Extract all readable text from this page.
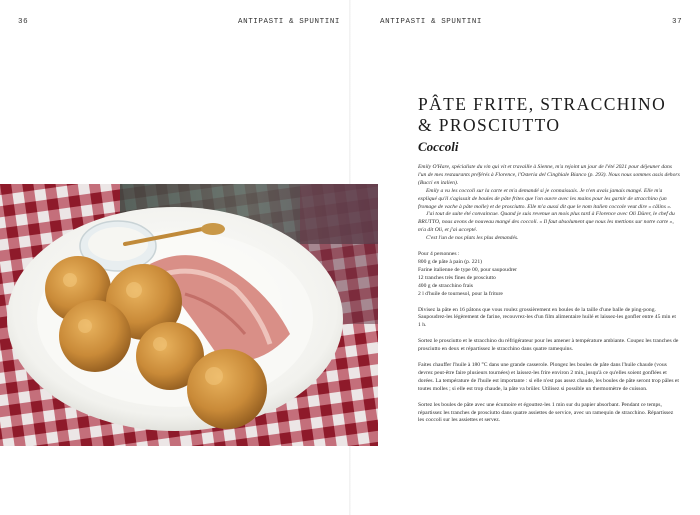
36	ANTIPASTI & SPUNTINI	ANTIPASTI & SPUNTINI	37
PÂTE FRITE, STRACCHINO
& PROSCIUTTO
Coccoli

Emily O'Hare, spécialiste du vin qui vit et travaille à Sienne, m'a rejoint un jour de l'été 2021 pour déjeuner dans l'un de mes restaurants préférés à Florence, l'Osteria del Cinghiale Bianco (p. 293). Nous nous sommes assis dehors (Bucci en italien).

Emily a vu les coccoli sur la carte et m'a demandé si je connaissais. Je n'en avais jamais mangé. Elle m'a expliqué qu'il s'agissait de boules de pâte frites que l'on ouvre avec les mains pour les garnir de stracchino (un fromage de vache à pâte molle) et de prosciutto. Elle m'a aussi dit que le nom italien coccole veut dire « câlins ».

J'ai tout de suite été convaincue. Quand je suis revenue un mois plus tard à Florence avec Oli Dürer, le chef du BRUTTO, nous avons de nouveau mangé des coccoli. « Il faut absolument que nous les mettions sur notre carte », m'a dit Oli, et j'ai accepté.

C'est l'un de nos plats les plus demandés.

Pour 4 personnes :
800 g de pâte à pain (p. 221)
Farine italienne de type 00, pour saupoudrer
12 tranches très fines de prosciutto
400 g de stracchino frais
2 l d'huile de tournesol, pour la friture

Divisez la pâte en 16 pâtons que vous roulez grossièrement en boules de la taille d'une balle de ping-pong. Saupoudrez-les légèrement de farine, recouvrez-les d'un film alimentaire huilé et laissez-les gonfler entre 45 min et 1 h.

Sortez le prosciutto et le stracchino du réfrigérateur pour les amener à température ambiante. Coupez les tranches de prosciutto en deux et répartissez le stracchino dans quatre ramequins.

Faites chauffer l'huile à 180 °C dans une grande casserole. Plongez les boules de pâte dans l'huile chaude (vous devrez peut-être faire plusieurs tournées) et laissez-les frire environ 2 min, jusqu'à ce qu'elles soient gonflées et dorées. La température de l'huile est importante : si elle n'est pas assez chaude, les boules de pâte seront trop pâles et toutes molles ; si elle est trop chaude, la pâte va brûler. Utilisez si possible un thermomètre de cuisson.

Sortez les boules de pâte avec une écumoire et égouttez-les 1 min sur du papier absorbant. Pendant ce temps, répartissez les tranches de prosciutto dans quatre assiettes de service, avec un ramequin de stracchino. Répartissez les coccoli sur les assiettes et servez.
